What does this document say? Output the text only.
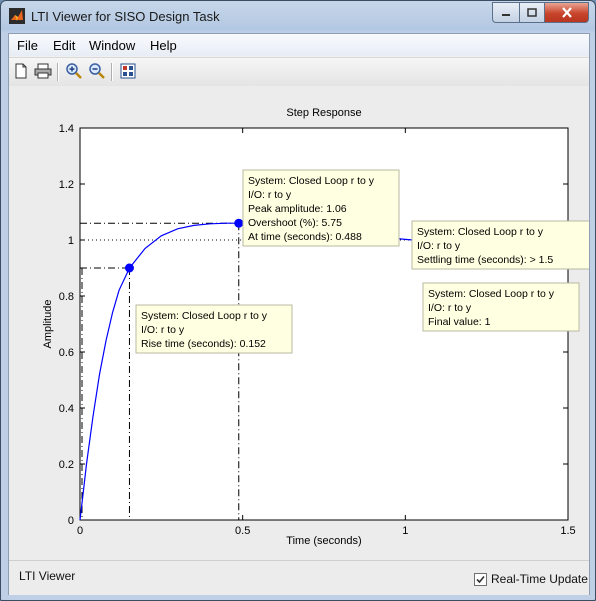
LTI Viewer for SISO Design Task
File Edit Window Help
Step Response
Time (seconds)
Amplitude
0	0.5	1	1.5
0
0.2
0.4
0.6
0.8
1
1.2
1.4
System: Closed Loop r to y
I/O: r to y
Peak amplitude: 1.06
Overshoot (%): 5.75
At time (seconds): 0.488	System: Closed Loop r to y
I/O: r to y
Settling time (seconds): > 1.5
System: Closed Loop r to y
I/O: r to y
Final value: 1
System: Closed Loop r to y
I/O: r to y
Rise time (seconds): 0.152
LTI Viewer	Real-Time Update
